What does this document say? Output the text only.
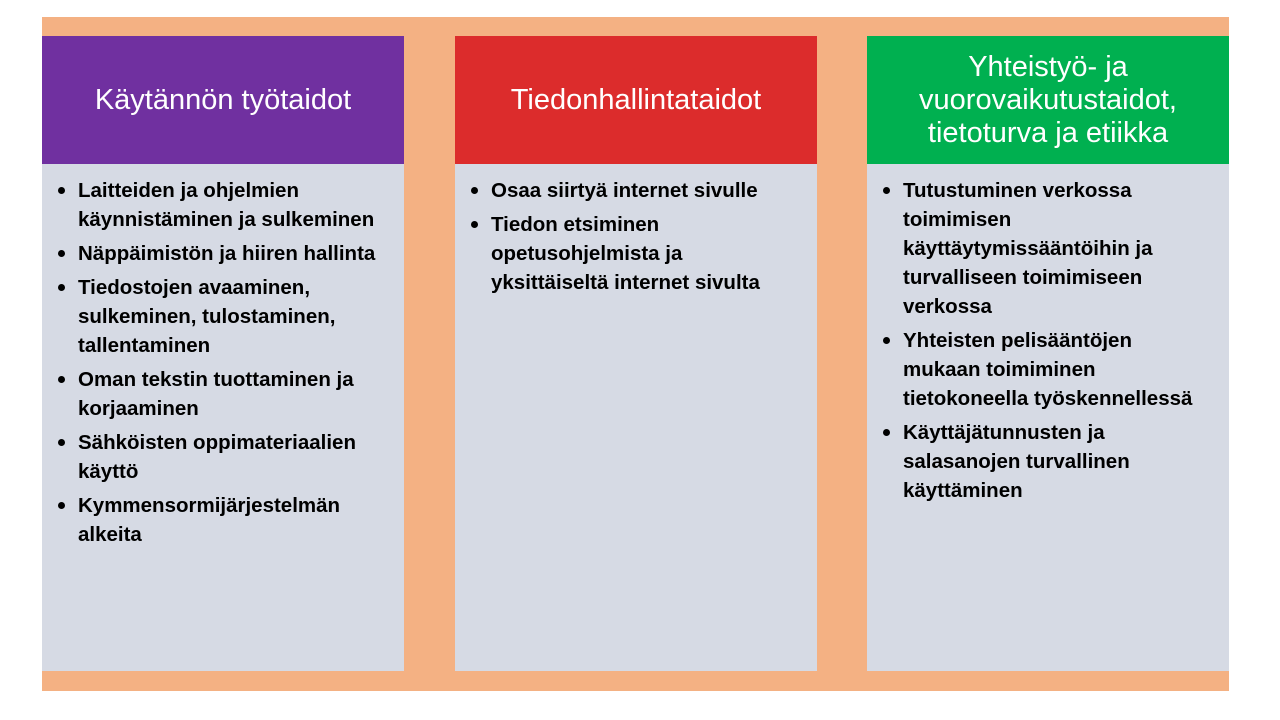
Käytännön työtaidot
Laitteiden ja ohjelmien käynnistäminen ja sulkeminen
Näppäimistön ja hiiren hallinta
Tiedostojen avaaminen, sulkeminen, tulostaminen, tallentaminen
Oman tekstin tuottaminen ja korjaaminen
Sähköisten oppimateriaalien käyttö
Kymmensormijärjestelmän alkeita
Tiedonhallintataidot
Osaa siirtyä internet sivulle
Tiedon etsiminen opetusohjelmista ja yksittäiseltä internet sivulta
Yhteistyö- ja vuorovaikutustaidot, tietoturva ja etiikka
Tutustuminen verkossa toimimisen käyttäytymissääntöihin ja turvalliseen toimimiseen verkossa
Yhteisten pelisääntöjen mukaan toimiminen tietokoneella työskennellessä
Käyttäjätunnusten ja salasanojen turvallinen käyttäminen
